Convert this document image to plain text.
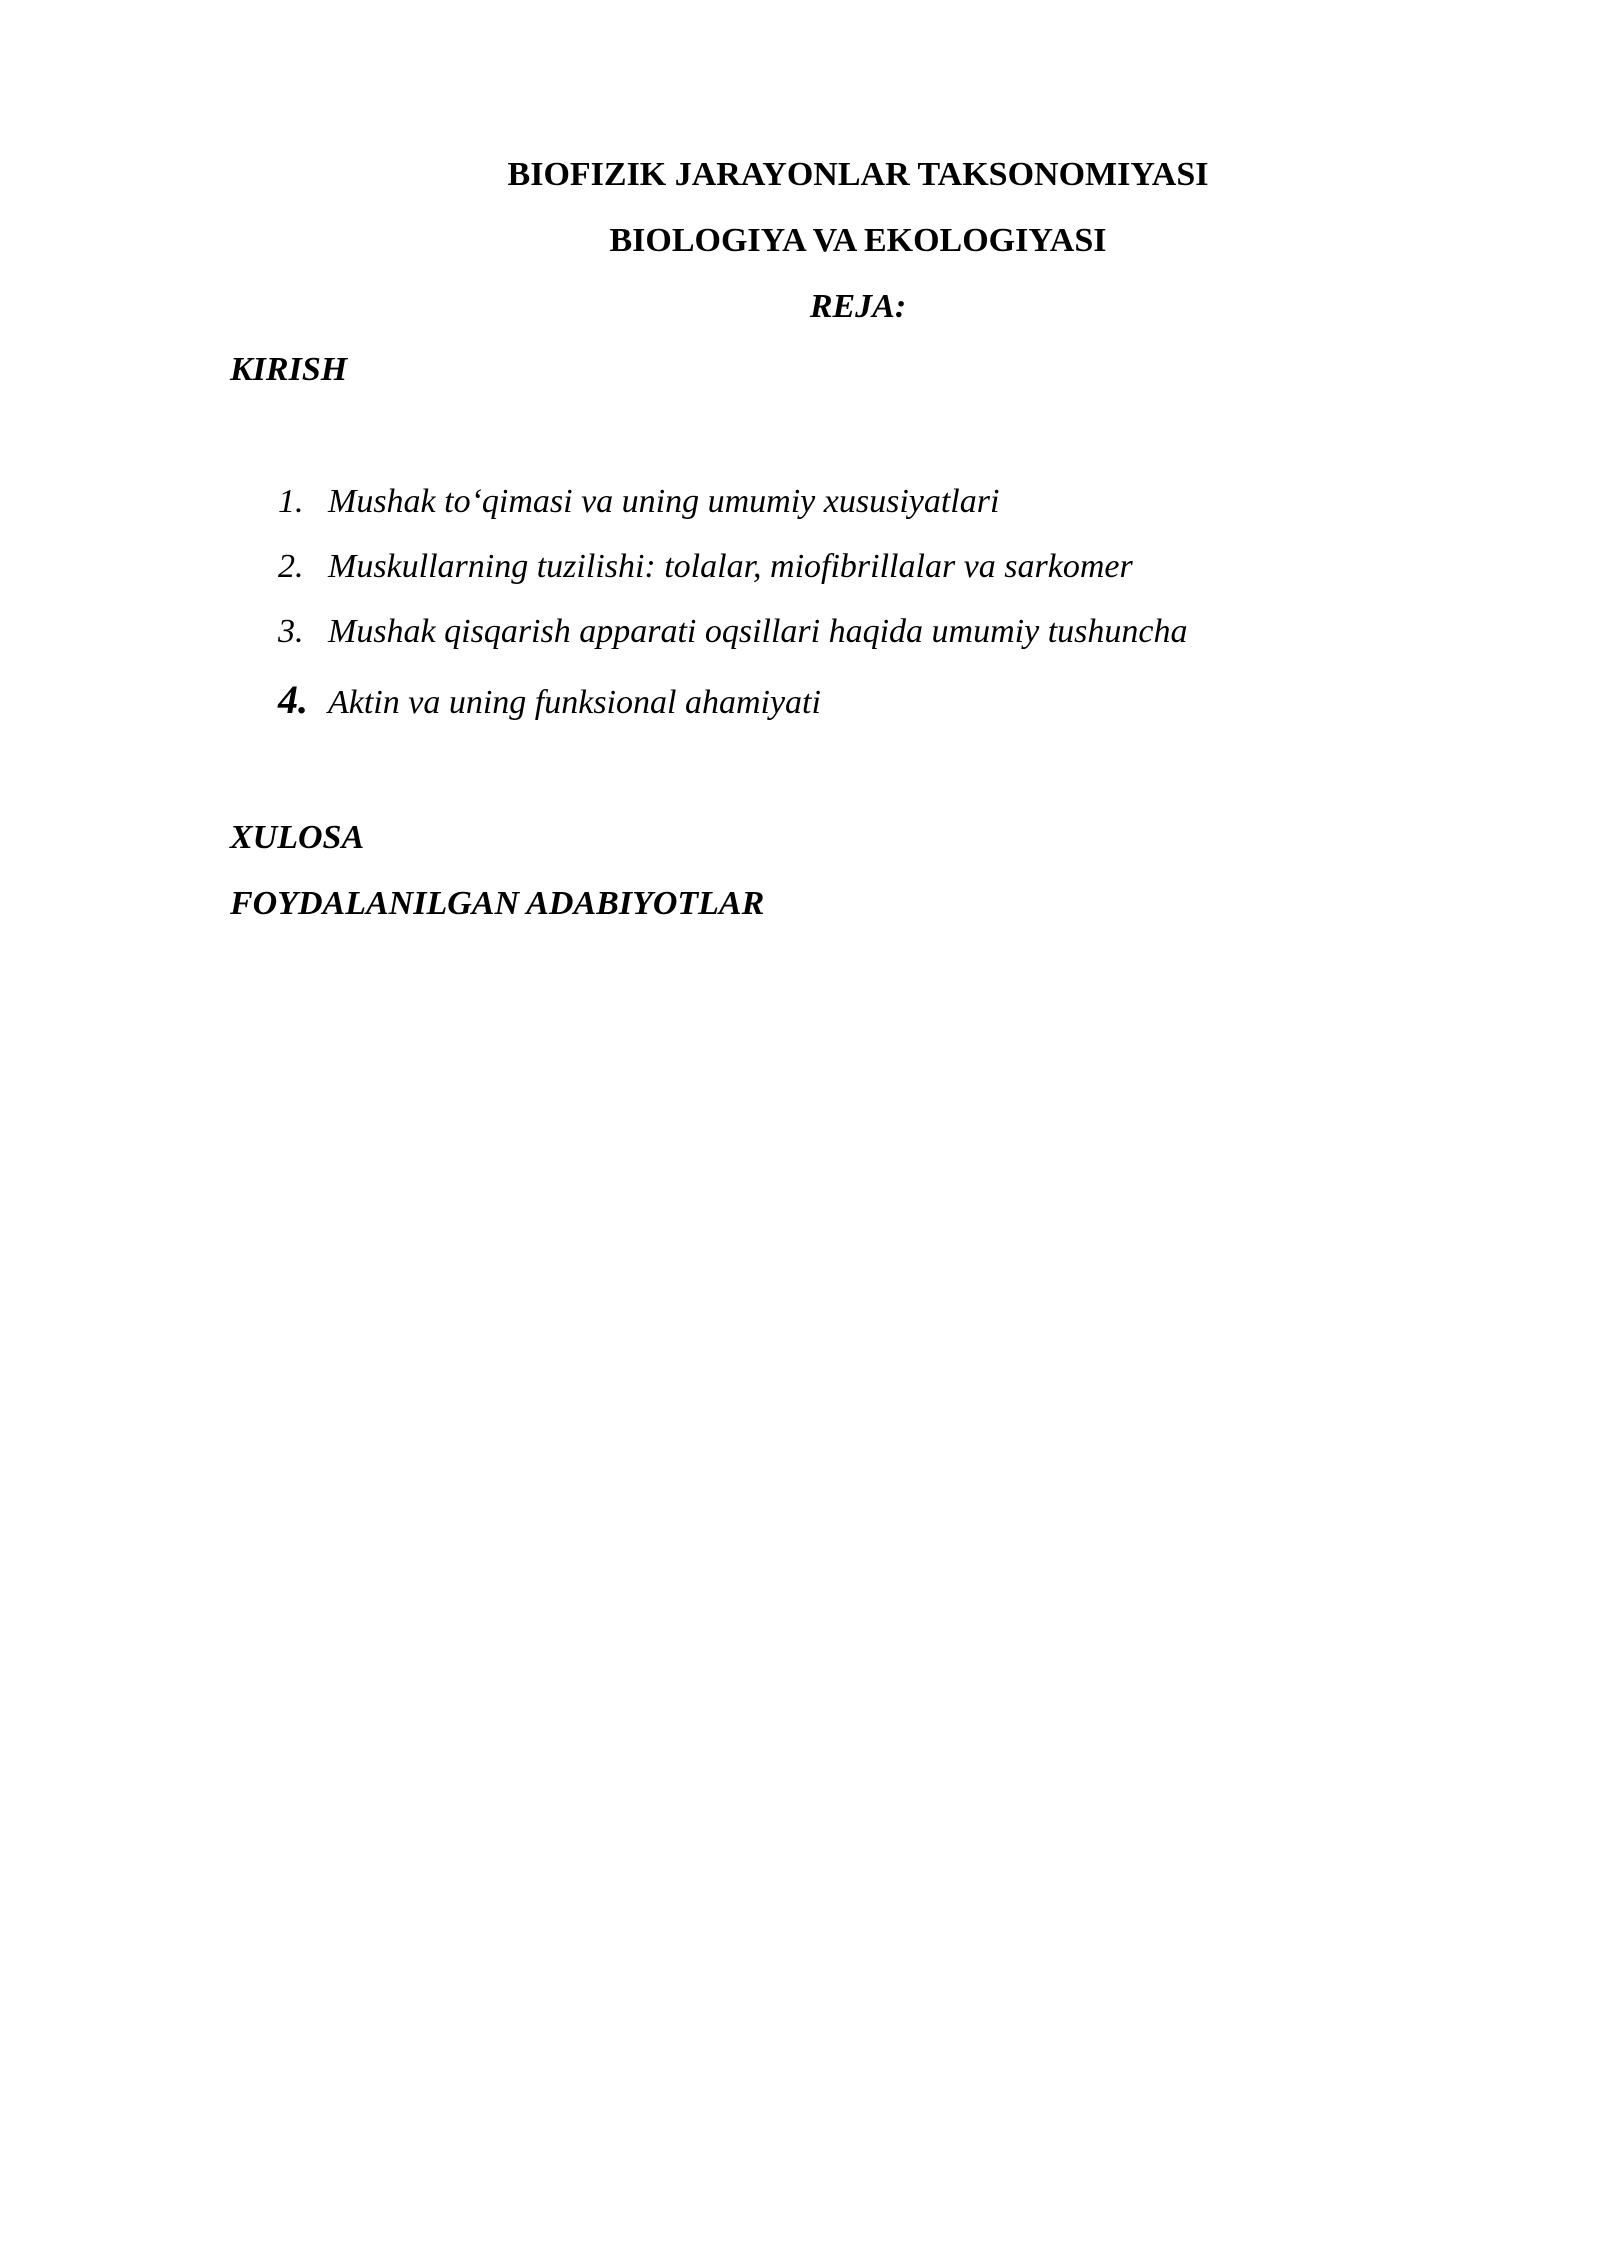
BIOFIZIK JARAYONLAR TAKSONOMIYASI

BIOLOGIYA VA EKOLOGIYASI

REJA:

KIRISH

1. Mushak to‘qimasi va uning umumiy xususiyatlari
2. Muskullarning tuzilishi: tolalar, miofibrillalar va sarkomer
3. Mushak qisqarish apparati oqsillari haqida umumiy tushuncha
4. Aktin va uning funksional ahamiyati

XULOSA

FOYDALANILGAN ADABIYOTLAR
